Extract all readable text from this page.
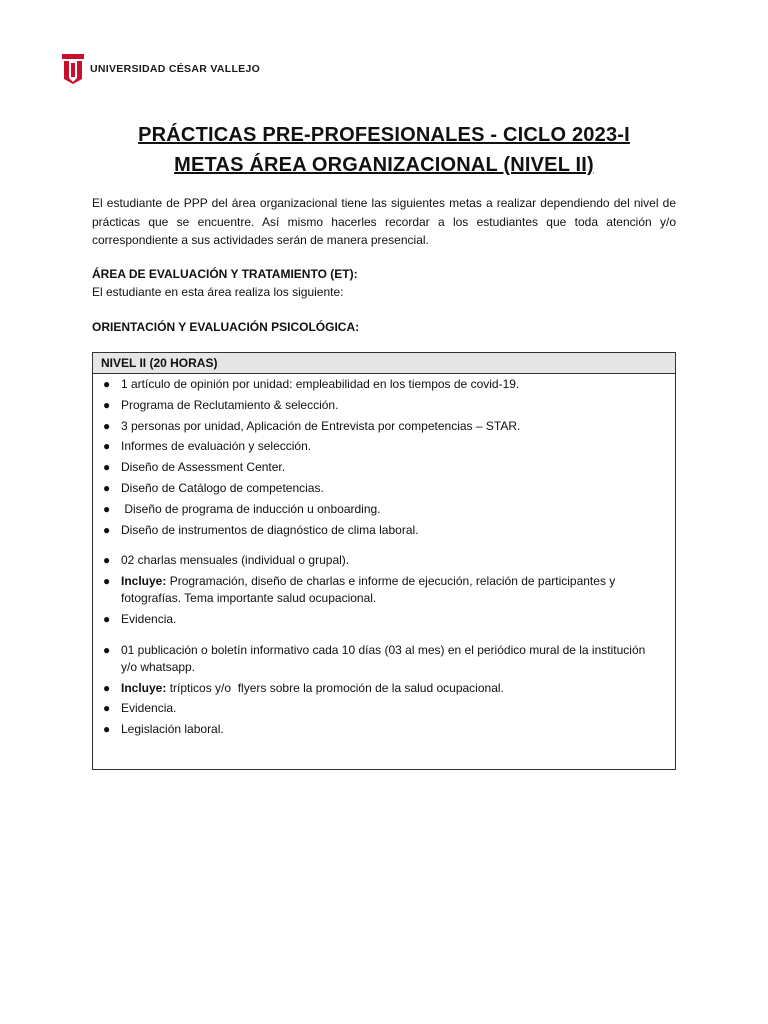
UNIVERSIDAD CÉSAR VALLEJO
PRÁCTICAS PRE-PROFESIONALES - CICLO 2023-I
METAS ÁREA ORGANIZACIONAL (NIVEL II)
El estudiante de PPP del área organizacional tiene las siguientes metas a realizar dependiendo del nivel de prácticas que se encuentre. Así mismo hacerles recordar a los estudiantes que toda atención y/o correspondiente a sus actividades serán de manera presencial.
ÁREA DE EVALUACIÓN Y TRATAMIENTO (ET):
El estudiante en esta área realiza los siguiente:
ORIENTACIÓN Y EVALUACIÓN PSICOLÓGICA:
NIVEL II (20 HORAS)
● 1 artículo de opinión por unidad: empleabilidad en los tiempos de covid-19.
● Programa de Reclutamiento & selección.
● 3 personas por unidad, Aplicación de Entrevista por competencias – STAR.
● Informes de evaluación y selección.
● Diseño de Assessment Center.
● Diseño de Catálogo de competencias.
● Diseño de programa de inducción u onboarding.
● Diseño de instrumentos de diagnóstico de clima laboral.
● 02 charlas mensuales (individual o grupal).
● Incluye: Programación, diseño de charlas e informe de ejecución, relación de participantes y fotografías. Tema importante salud ocupacional.
● Evidencia.
● 01 publicación o boletín informativo cada 10 días (03 al mes) en el periódico mural de la institución y/o whatsapp.
● Incluye: trípticos y/o  flyers sobre la promoción de la salud ocupacional.
● Evidencia.
● Legislación laboral.
